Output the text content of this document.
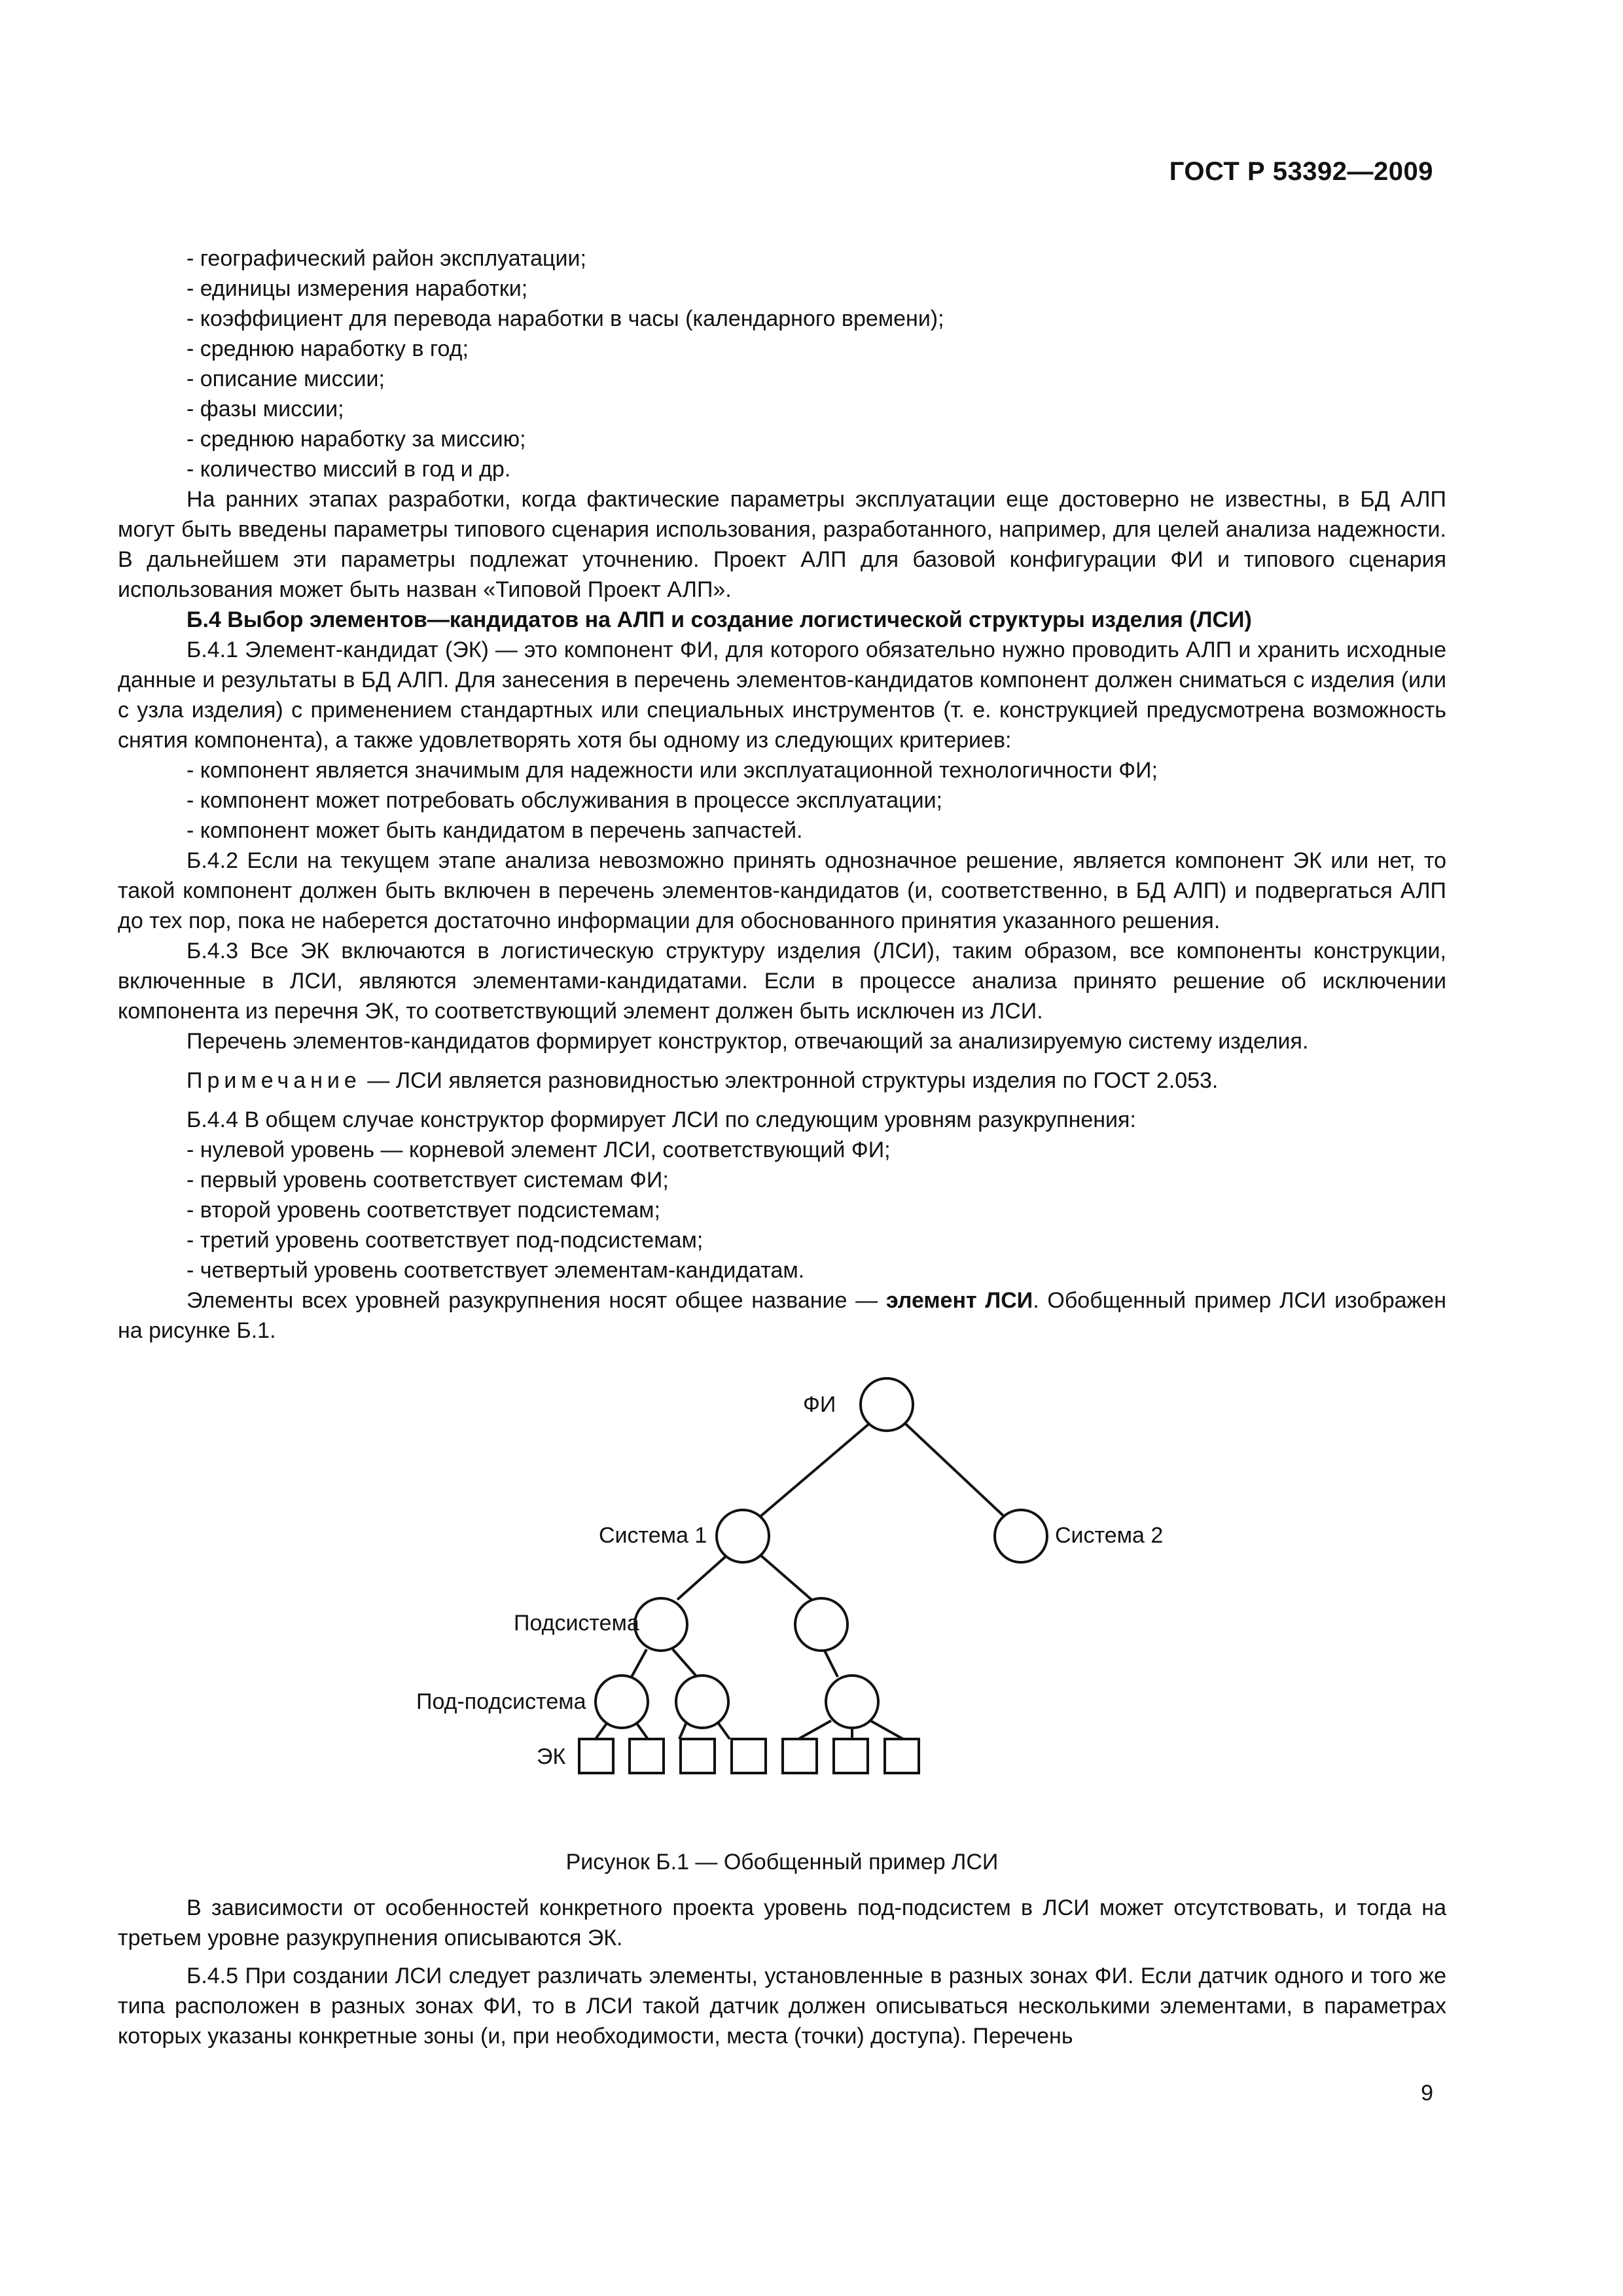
ГОСТ Р 53392—2009

- географический район эксплуатации;

- единицы измерения наработки;

- коэффициент для перевода наработки в часы (календарного времени);

- среднюю наработку в год;

- описание миссии;

- фазы миссии;

- среднюю наработку за миссию;

- количество миссий в год и др.

На ранних этапах разработки, когда фактические параметры эксплуатации еще достоверно не известны, в БД АЛП могут быть введены параметры типового сценария использования, разработанного, например, для целей анализа надежности. В дальнейшем эти параметры подлежат уточнению. Проект АЛП для базовой конфигурации ФИ и типового сценария использования может быть назван «Типовой Проект АЛП».

Б.4 Выбор элементов—кандидатов на АЛП и создание логистической структуры изделия (ЛСИ)

Б.4.1 Элемент-кандидат (ЭК) — это компонент ФИ, для которого обязательно нужно проводить АЛП и хранить исходные данные и результаты в БД АЛП. Для занесения в перечень элементов-кандидатов компонент должен сниматься с изделия (или с узла изделия) с применением стандартных или специальных инструментов (т. е. конструкцией предусмотрена возможность снятия компонента), а также удовлетворять хотя бы одному из следующих критериев:

- компонент является значимым для надежности или эксплуатационной технологичности ФИ;

- компонент может потребовать обслуживания в процессе эксплуатации;

- компонент может быть кандидатом в перечень запчастей.

Б.4.2 Если на текущем этапе анализа невозможно принять однозначное решение, является компонент ЭК или нет, то такой компонент должен быть включен в перечень элементов-кандидатов (и, соответственно, в БД АЛП) и подвергаться АЛП до тех пор, пока не наберется достаточно информации для обоснованного принятия указанного решения.

Б.4.3 Все ЭК включаются в логистическую структуру изделия (ЛСИ), таким образом, все компоненты конструкции, включенные в ЛСИ, являются элементами-кандидатами. Если в процессе анализа принято решение об исключении компонента из перечня ЭК, то соответствующий элемент должен быть исключен из ЛСИ.

Перечень элементов-кандидатов формирует конструктор, отвечающий за анализируемую систему изделия.

Примечание — ЛСИ является разновидностью электронной структуры изделия по ГОСТ 2.053.

Б.4.4 В общем случае конструктор формирует ЛСИ по следующим уровням разукрупнения:

- нулевой уровень — корневой элемент ЛСИ, соответствующий ФИ;

- первый уровень соответствует системам ФИ;

- второй уровень соответствует подсистемам;

- третий уровень соответствует под-подсистемам;

- четвертый уровень соответствует элементам-кандидатам.

Элементы всех уровней разукрупнения носят общее название — элемент ЛСИ. Обобщенный пример ЛСИ изображен на рисунке Б.1.

ФИ
Система 1	Система 2
Подсистема
Под-подсистема
ЭК

Рисунок Б.1 — Обобщенный пример ЛСИ

В зависимости от особенностей конкретного проекта уровень под-подсистем в ЛСИ может отсутствовать, и тогда на третьем уровне разукрупнения описываются ЭК.

Б.4.5 При создании ЛСИ следует различать элементы, установленные в разных зонах ФИ. Если датчик одного и того же типа расположен в разных зонах ФИ, то в ЛСИ такой датчик должен описываться несколькими элементами, в параметрах которых указаны конкретные зоны (и, при необходимости, места (точки) доступа). Перечень

9
